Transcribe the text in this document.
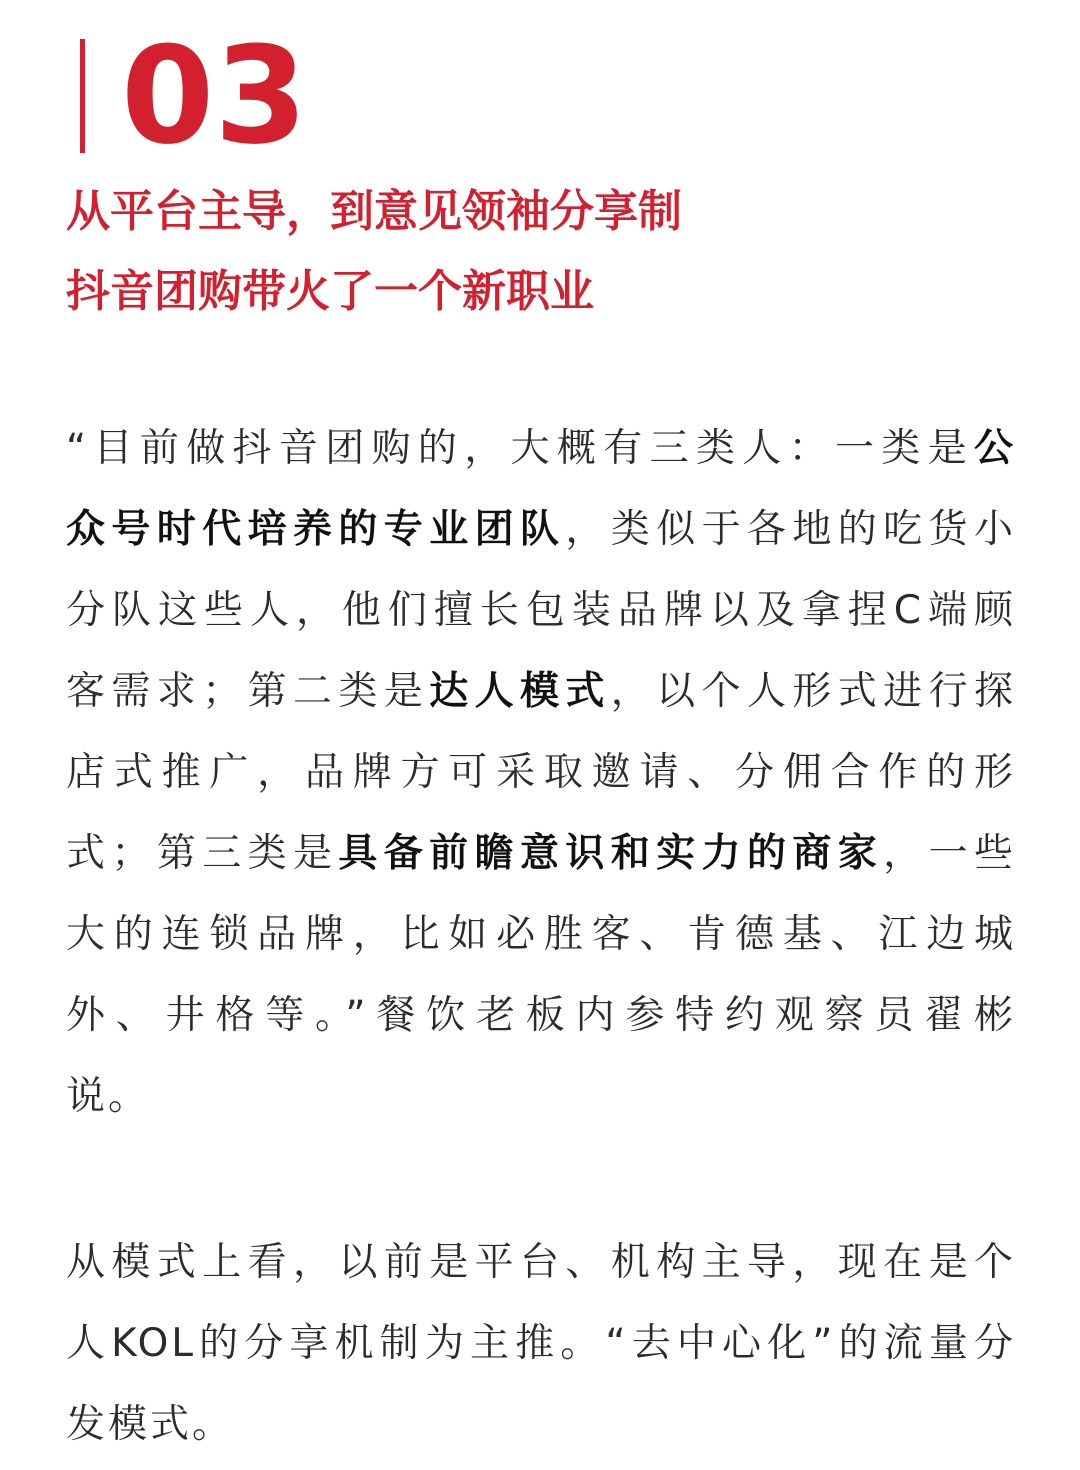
03
从平台主导，到意见领袖分享制
抖音团购带火了一个新职业
“目前做抖音团购的，大概有三类人：一类是公
众号时代培养的专业团队，类似于各地的吃货小
分队这些人，他们擅长包装品牌以及拿捏C端顾
客需求；第二类是达人模式，以个人形式进行探
店式推广，品牌方可采取邀请、分佣合作的形
式；第三类是具备前瞻意识和实力的商家，一些
大的连锁品牌，比如必胜客、肯德基、江边城
外、井格等。”餐饮老板内参特约观察员翟彬
说。
从模式上看，以前是平台、机构主导，现在是个
人KOL的分享机制为主推。“去中心化”的流量分
发模式。
